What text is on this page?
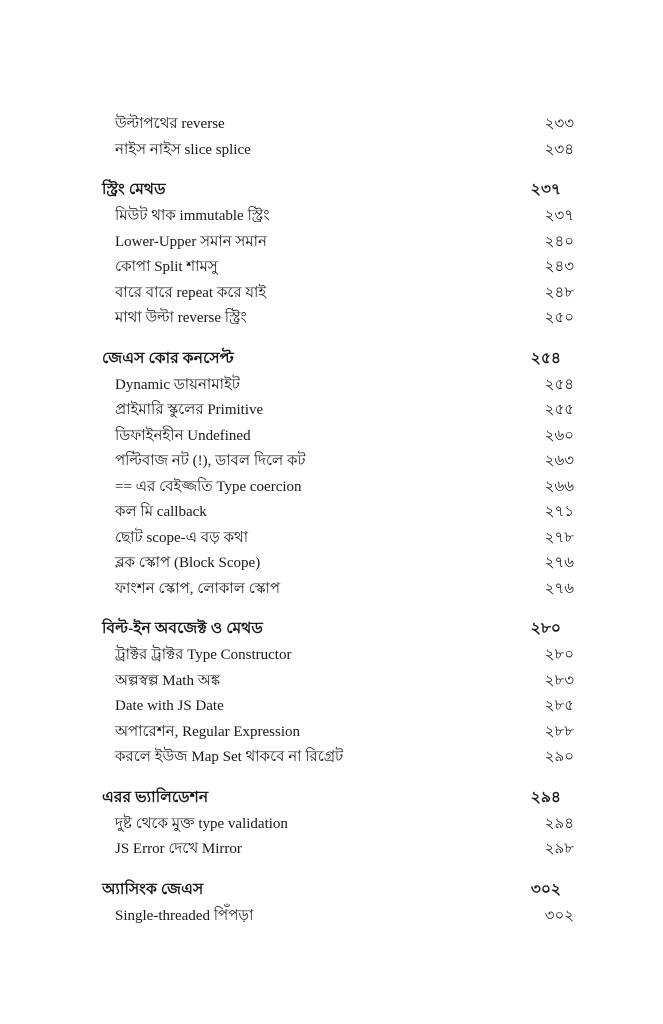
উল্টাপথের reverse	২৩৩
নাইস নাইস slice splice	২৩৪
স্ট্রিং মেথড	২৩৭
মিউট থাক immutable স্ট্রিং	২৩৭
Lower-Upper সমান সমান	২৪০
কোপা Split শামসু	২৪৩
বারে বারে repeat করে যাই	২৪৮
মাথা উল্টা reverse স্ট্রিং	২৫০
জেএস কোর কনসেপ্ট	২৫৪
Dynamic ডায়নামাইট	২৫৪
প্রাইমারি স্কুলের Primitive	২৫৫
ডিফাইনহীন Undefined	২৬০
পল্টিবাজ নট (!), ডাবল দিলে কট	২৬৩
== এর বেইজ্জতি Type coercion	২৬৬
কল মি callback	২৭১
ছোট scope-এ বড় কথা	২৭৮
ব্লক স্কোপ (Block Scope)	২৭৬
ফাংশন স্কোপ, লোকাল স্কোপ	২৭৬
বিল্ট-ইন অবজেক্ট ও মেথড	২৮০
ট্রাক্টর ট্রাক্টর Type Constructor	২৮০
অল্পস্বল্প Math অঙ্ক	২৮৩
Date with JS Date	২৮৫
অপারেশন, Regular Expression	২৮৮
করলে ইউজ Map Set থাকবে না রিগ্রেট	২৯০
এরর ভ্যালিডেশন	২৯৪
দুষ্ট থেকে মুক্ত type validation	২৯৪
JS Error দেখে Mirror	২৯৮
অ্যাসিংক জেএস	৩০২
Single-threaded পিঁপড়া	৩০২
